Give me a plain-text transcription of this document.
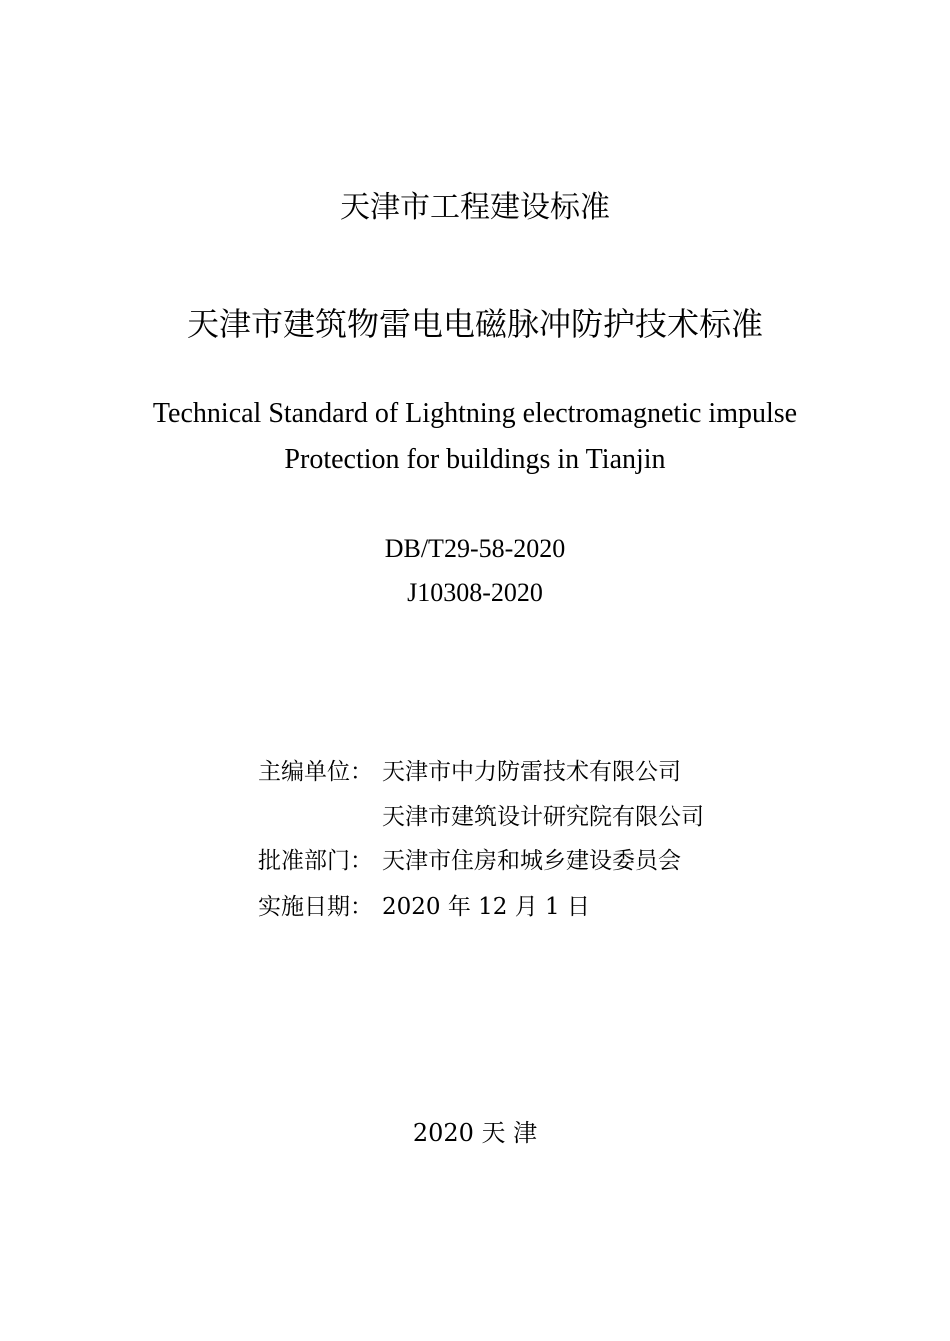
天津市工程建设标准
天津市建筑物雷电电磁脉冲防护技术标准
Technical Standard of Lightning electromagnetic impulse
Protection for buildings in Tianjin
DB/T29-58-2020
J10308-2020
主编单位： 天津市中力防雷技术有限公司
天津市建筑设计研究院有限公司
批准部门： 天津市住房和城乡建设委员会
实施日期： 2020 年 12 月 1 日
2020 天 津
